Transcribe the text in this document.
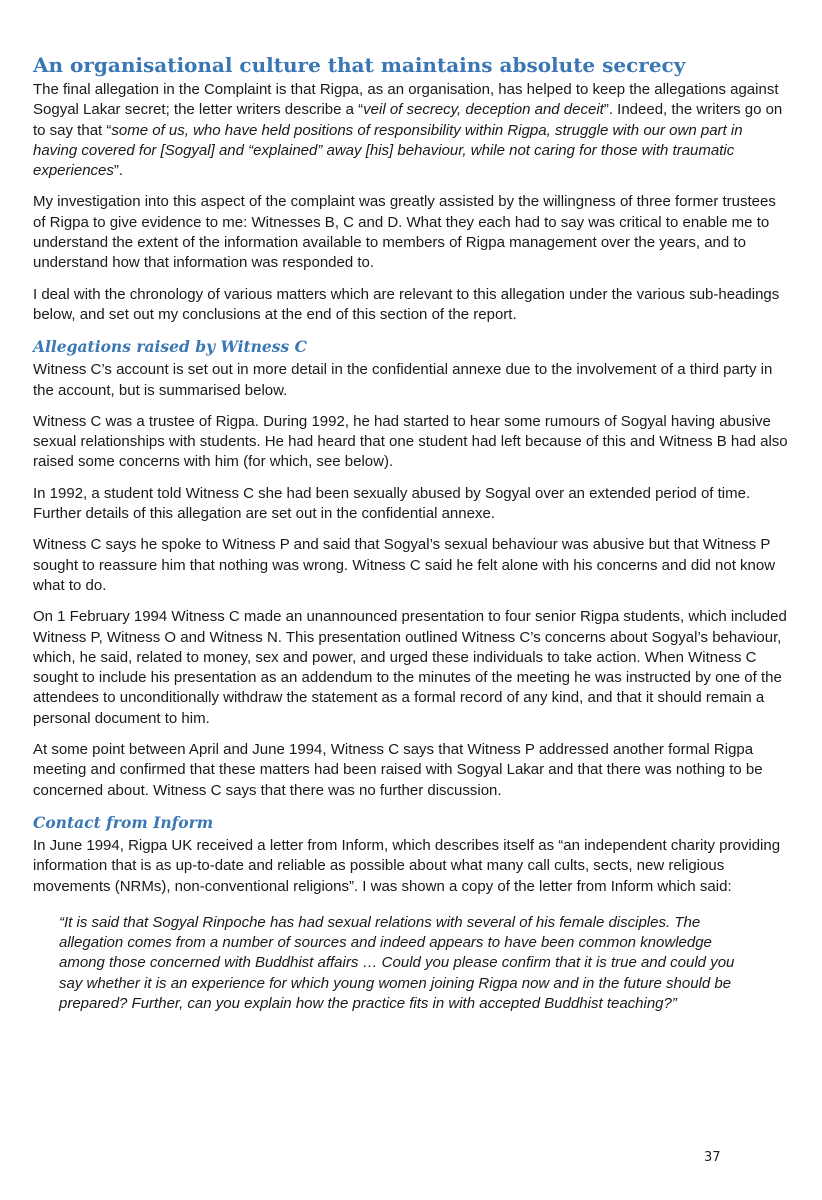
An organisational culture that maintains absolute secrecy

The final allegation in the Complaint is that Rigpa, as an organisation, has helped to keep the allegations against Sogyal Lakar secret; the letter writers describe a “veil of secrecy, deception and deceit”. Indeed, the writers go on to say that “some of us, who have held positions of responsibility within Rigpa, struggle with our own part in having covered for [Sogyal] and “explained” away [his] behaviour, while not caring for those with traumatic experiences”.

My investigation into this aspect of the complaint was greatly assisted by the willingness of three former trustees of Rigpa to give evidence to me: Witnesses B, C and D. What they each had to say was critical to enable me to understand the extent of the information available to members of Rigpa management over the years, and to understand how that information was responded to.

I deal with the chronology of various matters which are relevant to this allegation under the various sub-headings below, and set out my conclusions at the end of this section of the report.

Allegations raised by Witness C

Witness C’s account is set out in more detail in the confidential annexe due to the involvement of a third party in the account, but is summarised below.

Witness C was a trustee of Rigpa. During 1992, he had started to hear some rumours of Sogyal having abusive sexual relationships with students. He had heard that one student had left because of this and Witness B had also raised some concerns with him (for which, see below).

In 1992, a student told Witness C she had been sexually abused by Sogyal over an extended period of time. Further details of this allegation are set out in the confidential annexe.

Witness C says he spoke to Witness P and said that Sogyal’s sexual behaviour was abusive but that Witness P sought to reassure him that nothing was wrong. Witness C said he felt alone with his concerns and did not know what to do.

On 1 February 1994 Witness C made an unannounced presentation to four senior Rigpa students, which included Witness P, Witness O and Witness N. This presentation outlined Witness C’s concerns about Sogyal’s behaviour, which, he said, related to money, sex and power, and urged these individuals to take action. When Witness C sought to include his presentation as an addendum to the minutes of the meeting he was instructed by one of the attendees to unconditionally withdraw the statement as a formal record of any kind, and that it should remain a personal document to him.

At some point between April and June 1994, Witness C says that Witness P addressed another formal Rigpa meeting and confirmed that these matters had been raised with Sogyal Lakar and that there was nothing to be concerned about. Witness C says that there was no further discussion.

Contact from Inform

In June 1994, Rigpa UK received a letter from Inform, which describes itself as “an independent charity providing information that is as up-to-date and reliable as possible about what many call cults, sects, new religious movements (NRMs), non-conventional religions”. I was shown a copy of the letter from Inform which said:

“It is said that Sogyal Rinpoche has had sexual relations with several of his female disciples. The allegation comes from a number of sources and indeed appears to have been common knowledge among those concerned with Buddhist affairs … Could you please confirm that it is true and could you say whether it is an experience for which young women joining Rigpa now and in the future should be prepared? Further, can you explain how the practice fits in with accepted Buddhist teaching?”

37
